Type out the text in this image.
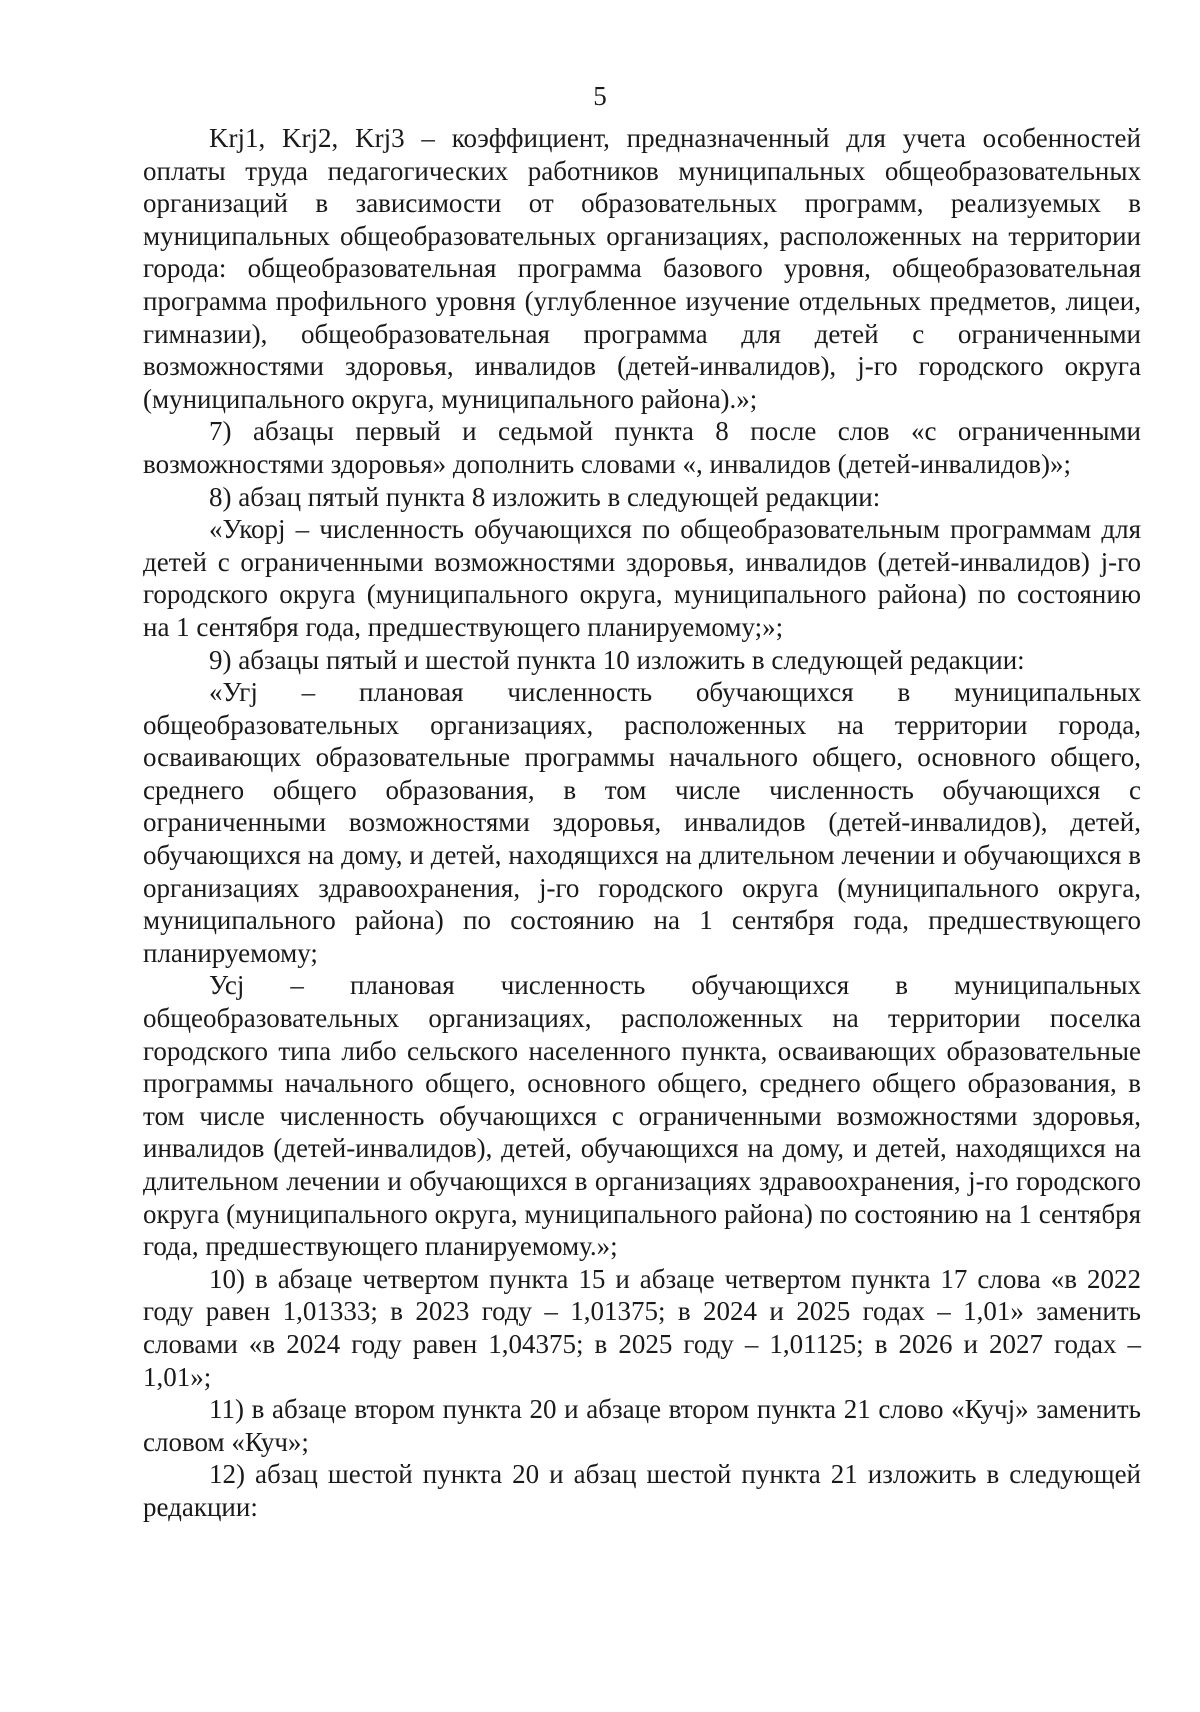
5

Krj1, Krj2, Krj3 – коэффициент, предназначенный для учета особенностей оплаты труда педагогических работников муниципальных общеобразовательных организаций в зависимости от образовательных программ, реализуемых в муниципальных общеобразовательных организациях, расположенных на территории города: общеобразовательная программа базового уровня, общеобразовательная программа профильного уровня (углубленное изучение отдельных предметов, лицеи, гимназии), общеобразовательная программа для детей с ограниченными возможностями здоровья, инвалидов (детей-инвалидов), j-го городского округа (муниципального округа, муниципального района).»;

7) абзацы первый и седьмой пункта 8 после слов «с ограниченными возможностями здоровья» дополнить словами «, инвалидов (детей-инвалидов)»;

8) абзац пятый пункта 8 изложить в следующей редакции:

«Укорj – численность обучающихся по общеобразовательным программам для детей с ограниченными возможностями здоровья, инвалидов (детей-инвалидов) j-го городского округа (муниципального округа, муниципального района) по состоянию на 1 сентября года, предшествующего планируемому;»;

9) абзацы пятый и шестой пункта 10 изложить в следующей редакции:

«Угj – плановая численность обучающихся в муниципальных общеобразовательных организациях, расположенных на территории города, осваивающих образовательные программы начального общего, основного общего, среднего общего образования, в том числе численность обучающихся с ограниченными возможностями здоровья, инвалидов (детей-инвалидов), детей, обучающихся на дому, и детей, находящихся на длительном лечении и обучающихся в организациях здравоохранения, j-го городского округа (муниципального округа, муниципального района) по состоянию на 1 сентября года, предшествующего планируемому;

Усj – плановая численность обучающихся в муниципальных общеобразовательных организациях, расположенных на территории поселка городского типа либо сельского населенного пункта, осваивающих образовательные программы начального общего, основного общего, среднего общего образования, в том числе численность обучающихся с ограниченными возможностями здоровья, инвалидов (детей-инвалидов), детей, обучающихся на дому, и детей, находящихся на длительном лечении и обучающихся в организациях здравоохранения, j-го городского округа (муниципального округа, муниципального района) по состоянию на 1 сентября года, предшествующего планируемому.»;

10) в абзаце четвертом пункта 15 и абзаце четвертом пункта 17 слова «в 2022 году равен 1,01333; в 2023 году – 1,01375; в 2024 и 2025 годах – 1,01» заменить словами «в 2024 году равен 1,04375; в 2025 году – 1,01125; в 2026 и 2027 годах – 1,01»;

11) в абзаце втором пункта 20 и абзаце втором пункта 21 слово «Кучj» заменить словом «Куч»;

12) абзац шестой пункта 20 и абзац шестой пункта 21 изложить в следующей редакции:
